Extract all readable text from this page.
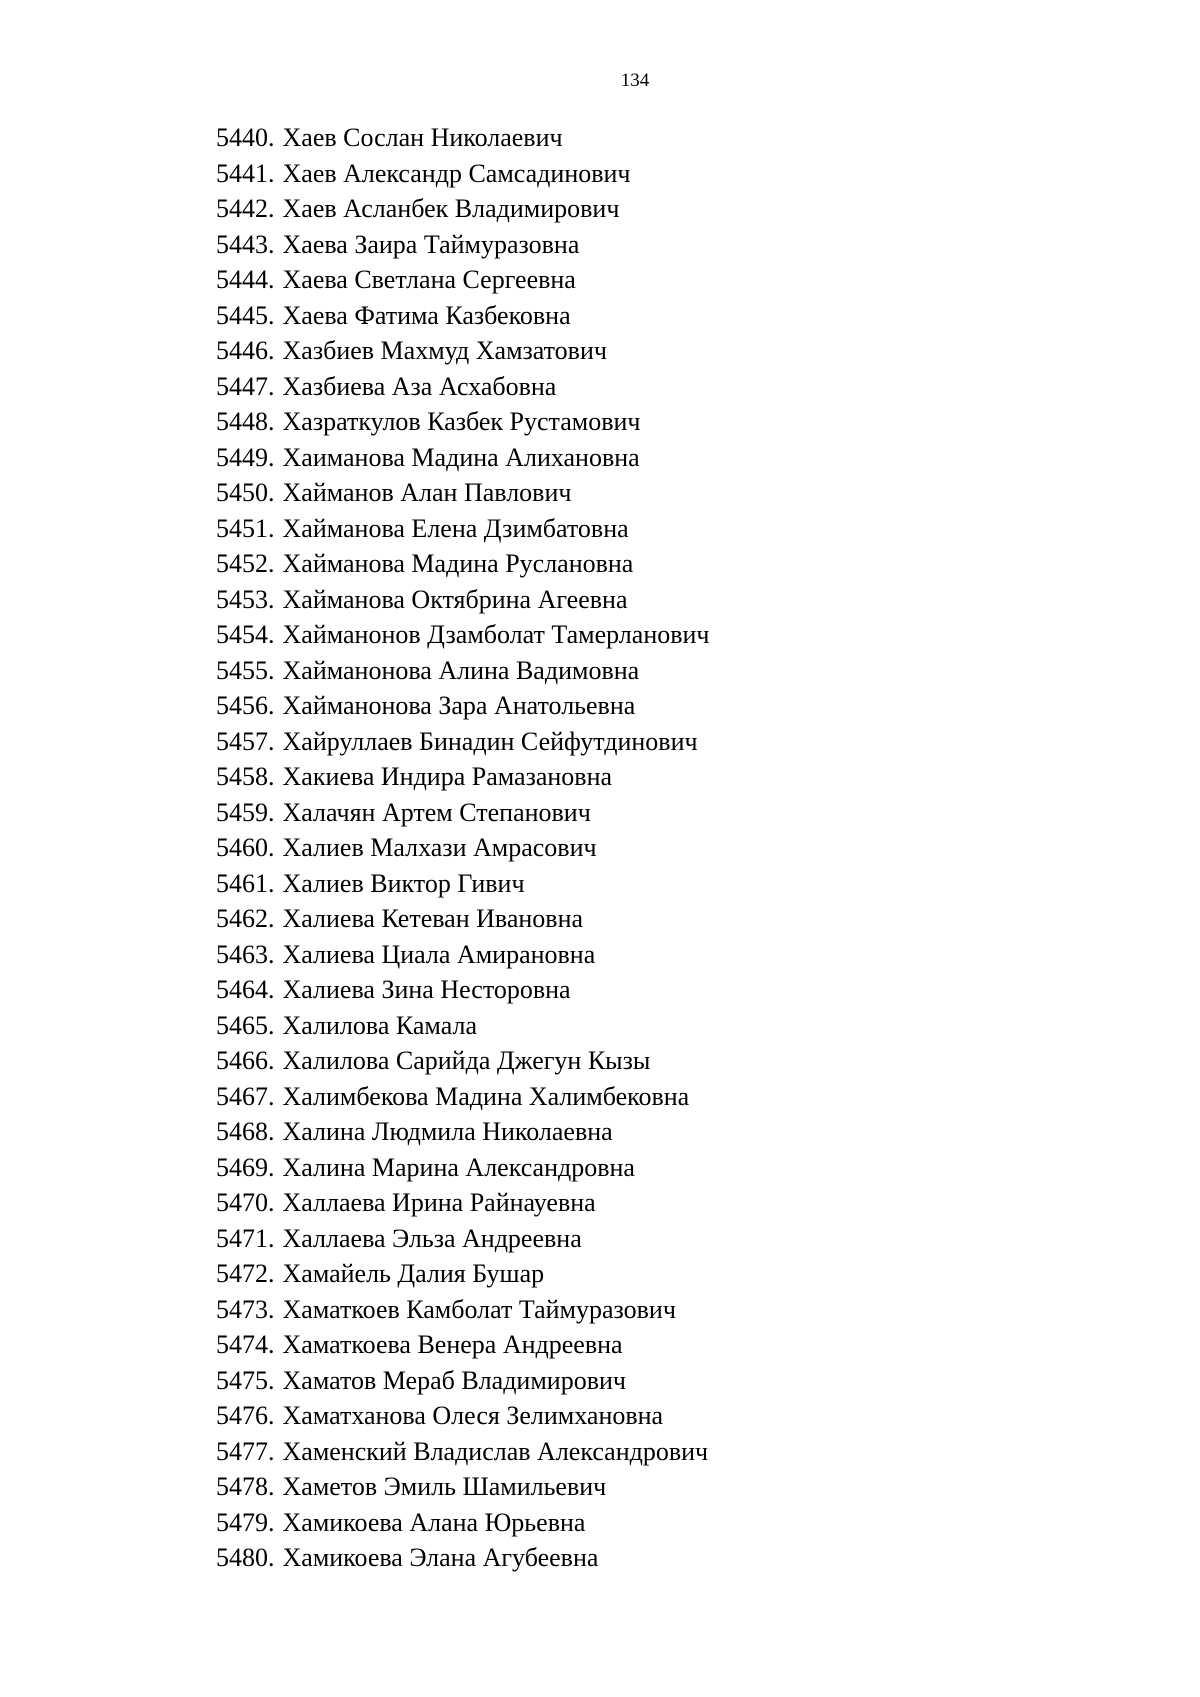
134
5440. Хаев Сослан Николаевич
5441. Хаев Александр Самсадинович
5442. Хаев Асланбек Владимирович
5443. Хаева Заира Таймуразовна
5444. Хаева Светлана Сергеевна
5445. Хаева Фатима Казбековна
5446. Хазбиев Махмуд Хамзатович
5447. Хазбиева Аза Асхабовна
5448. Хазраткулов Казбек Рустамович
5449. Хаиманова Мадина Алихановна
5450. Хайманов Алан Павлович
5451. Хайманова Елена Дзимбатовна
5452. Хайманова Мадина Руслановна
5453. Хайманова Октябрина Агеевна
5454. Хайманонов Дзамболат Тамерланович
5455. Хайманонова Алина Вадимовна
5456. Хайманонова Зара Анатольевна
5457. Хайруллаев Бинадин Сейфутдинович
5458. Хакиева Индира Рамазановна
5459. Халачян Артем Степанович
5460. Халиев Малхази Амрасович
5461. Халиев Виктор Гивич
5462. Халиева Кетеван Ивановна
5463. Халиева Циала Амирановна
5464. Халиева Зина Несторовна
5465. Халилова Камала
5466. Халилова Сарийда Джегун Кызы
5467. Халимбекова Мадина Халимбековна
5468. Халина Людмила Николаевна
5469. Халина Марина Александровна
5470. Халлаева Ирина Райнауевна
5471. Халлаева Эльза Андреевна
5472. Хамайель Далия Бушар
5473. Хаматкоев Камболат Таймуразович
5474. Хаматкоева Венера Андреевна
5475. Хаматов Мераб Владимирович
5476. Хаматханова Олеся Зелимхановна
5477. Хаменский Владислав Александрович
5478. Хаметов Эмиль Шамильевич
5479. Хамикоева Алана Юрьевна
5480. Хамикоева Элана Агубеевна
